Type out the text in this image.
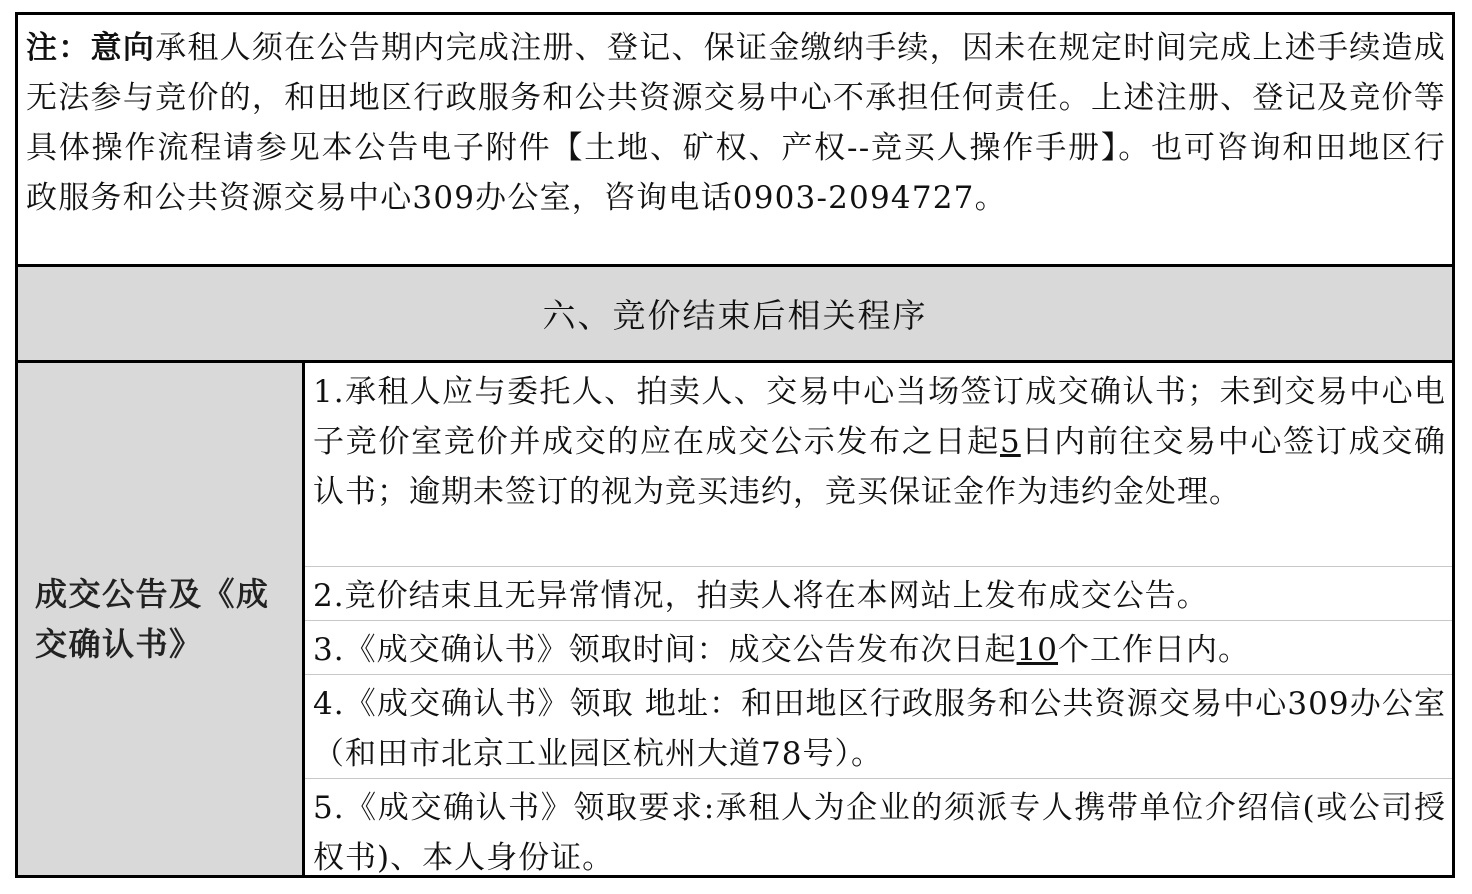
注：意向承租人须在公告期内完成注册、登记、保证金缴纳手续，因未在规定时间完成上述手续造成无法参与竞价的，和田地区行政服务和公共资源交易中心不承担任何责任。上述注册、登记及竞价等具体操作流程请参见本公告电子附件【土地、矿权、产权--竞买人操作手册】。也可咨询和田地区行政服务和公共资源交易中心309办公室，咨询电话0903-2094727。
六、竞价结束后相关程序
成交公告及《成交确认书》
1.承租人应与委托人、拍卖人、交易中心当场签订成交确认书；未到交易中心电子竞价室竞价并成交的应在成交公示发布之日起5日内前往交易中心签订成交确认书；逾期未签订的视为竞买违约，竞买保证金作为违约金处理。
2.竞价结束且无异常情况，拍卖人将在本网站上发布成交公告。
3.《成交确认书》领取时间：成交公告发布次日起10个工作日内。
4.《成交确认书》领取 地址：和田地区行政服务和公共资源交易中心309办公室（和田市北京工业园区杭州大道78号）。
5.《成交确认书》领取要求:承租人为企业的须派专人携带单位介绍信(或公司授权书)、本人身份证。
